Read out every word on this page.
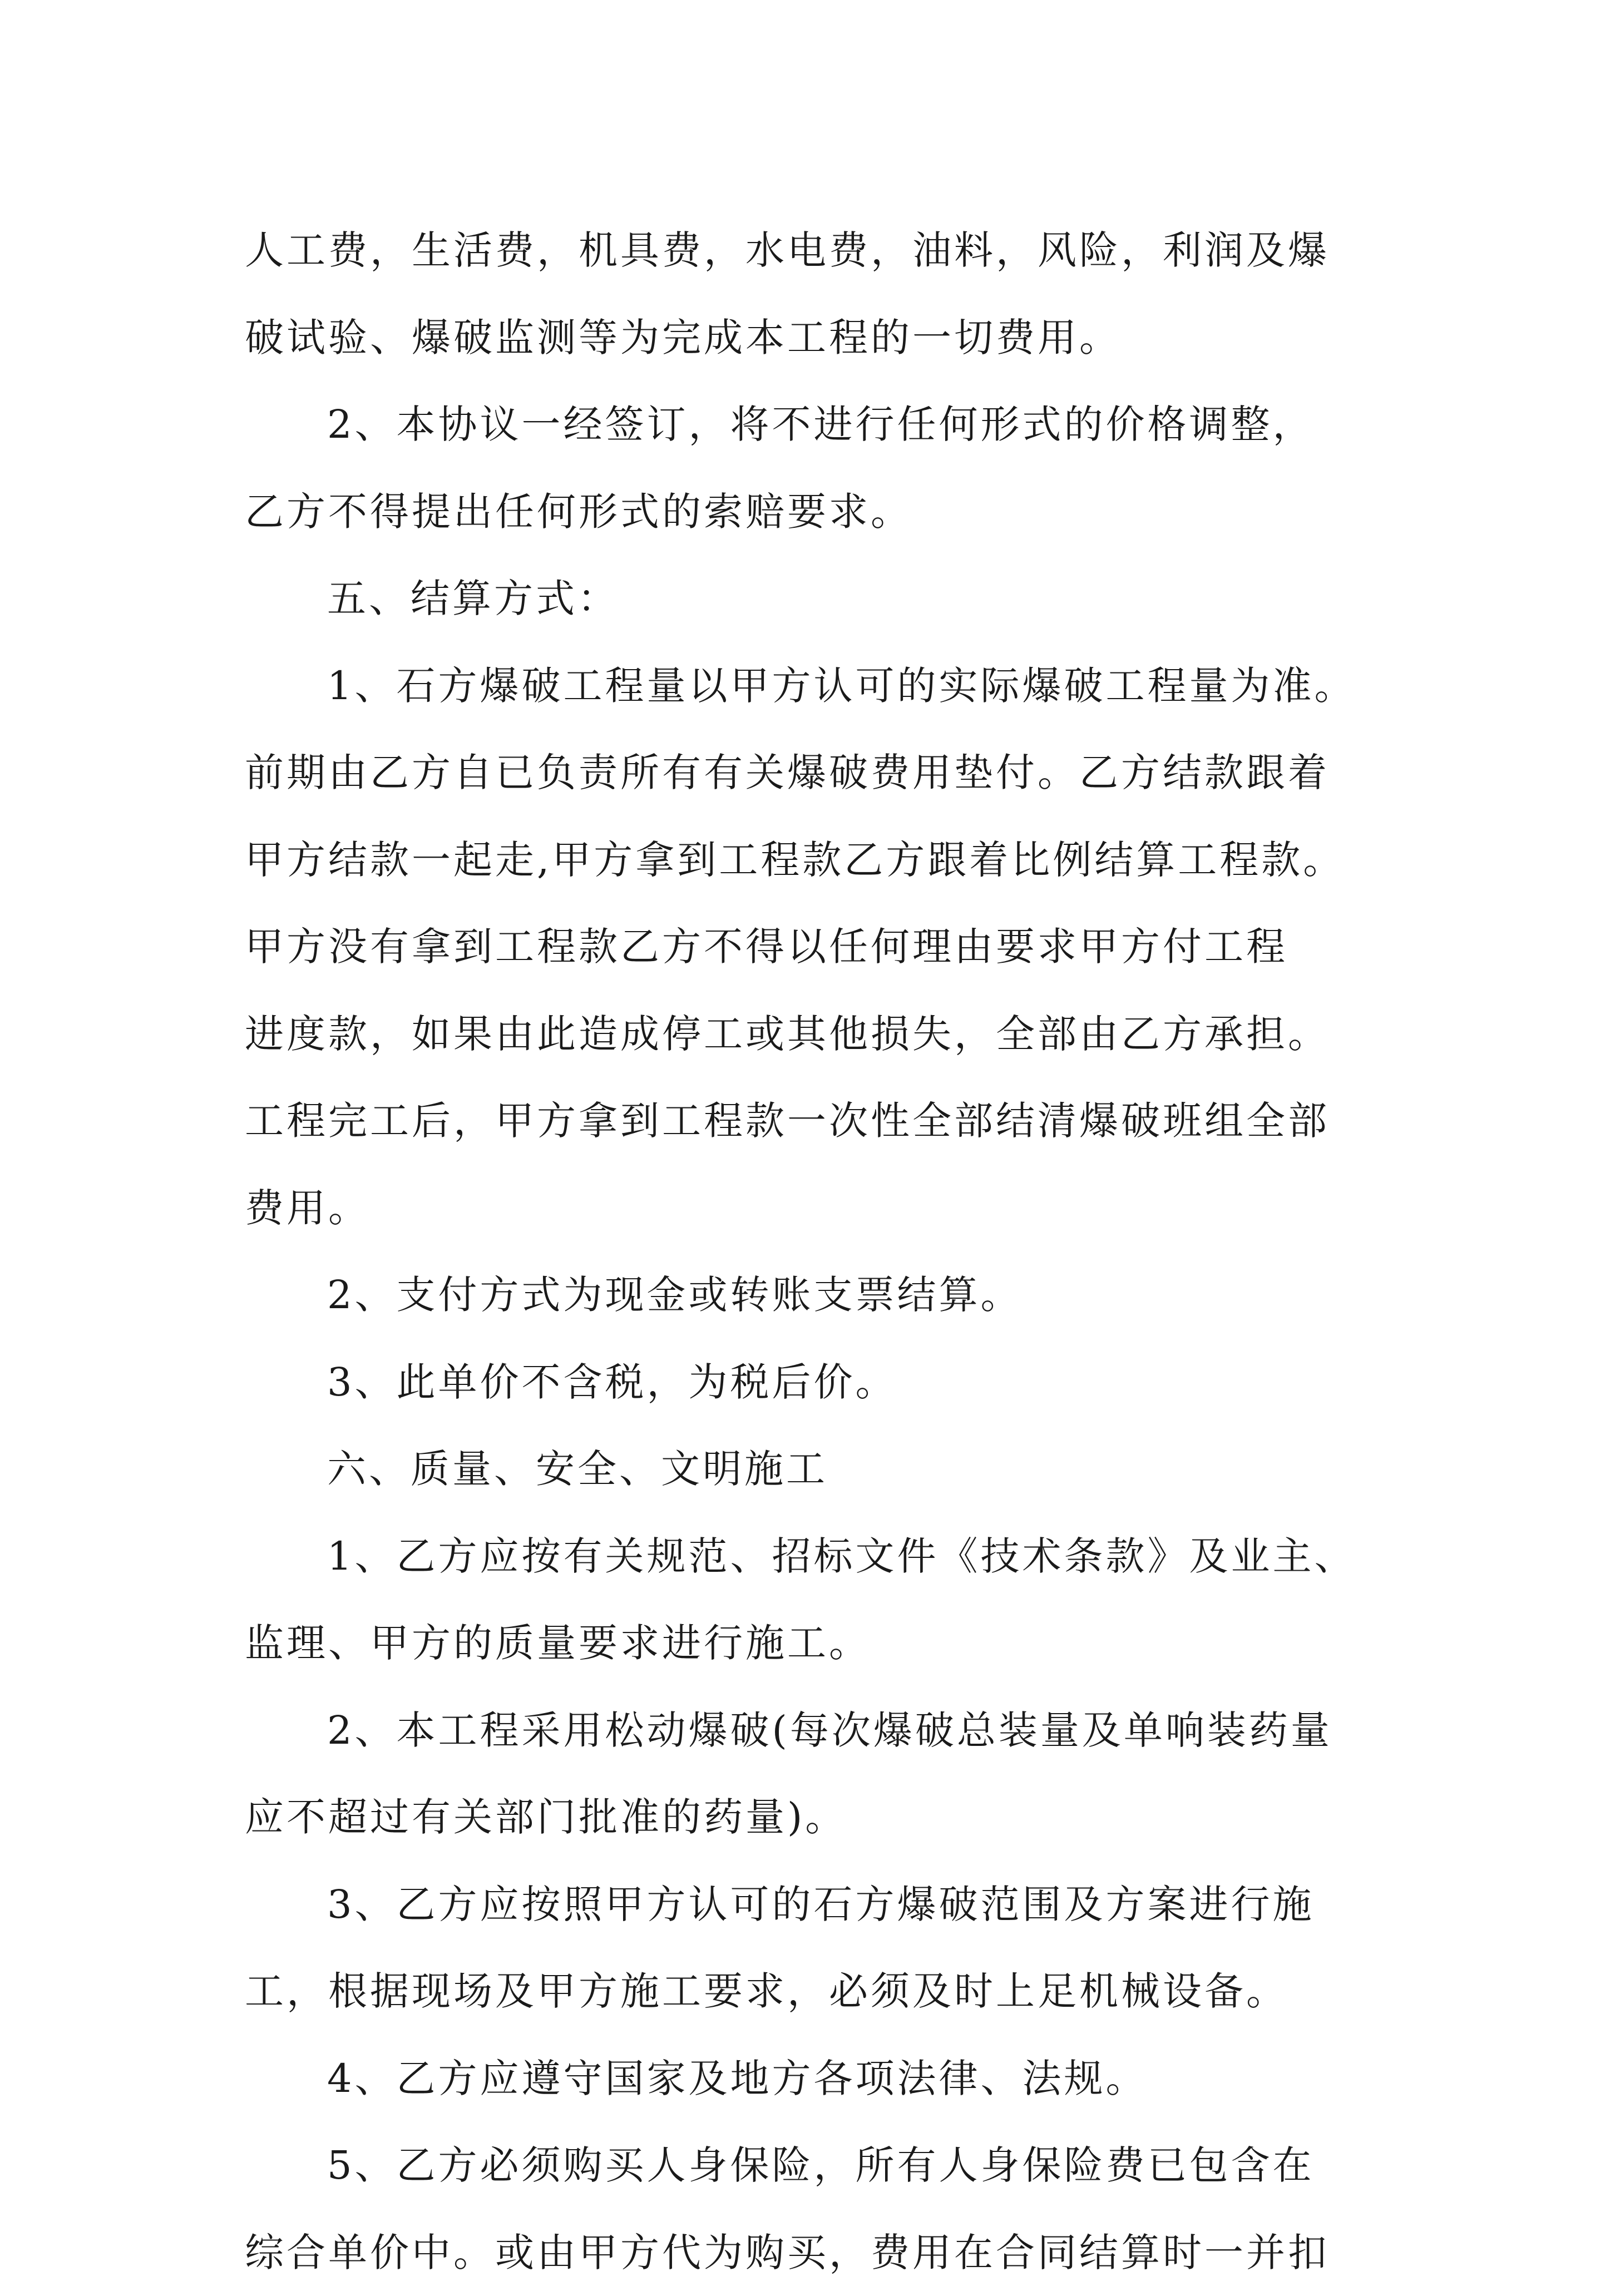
人工费，生活费，机具费，水电费，油料，风险，利润及爆
破试验、爆破监测等为完成本工程的一切费用。
2、本协议一经签订，将不进行任何形式的价格调整，
乙方不得提出任何形式的索赔要求。
五、结算方式：
1、石方爆破工程量以甲方认可的实际爆破工程量为准。
前期由乙方自已负责所有有关爆破费用垫付。乙方结款跟着
甲方结款一起走,甲方拿到工程款乙方跟着比例结算工程款。
甲方没有拿到工程款乙方不得以任何理由要求甲方付工程
进度款，如果由此造成停工或其他损失，全部由乙方承担。
工程完工后，甲方拿到工程款一次性全部结清爆破班组全部
费用。
2、支付方式为现金或转账支票结算。
3、此单价不含税，为税后价。
六、质量、安全、文明施工
1、乙方应按有关规范、招标文件《技术条款》及业主、
监理、甲方的质量要求进行施工。
2、本工程采用松动爆破(每次爆破总装量及单响装药量
应不超过有关部门批准的药量)。
3、乙方应按照甲方认可的石方爆破范围及方案进行施
工，根据现场及甲方施工要求，必须及时上足机械设备。
4、乙方应遵守国家及地方各项法律、法规。
5、乙方必须购买人身保险，所有人身保险费已包含在
综合单价中。或由甲方代为购买，费用在合同结算时一并扣
